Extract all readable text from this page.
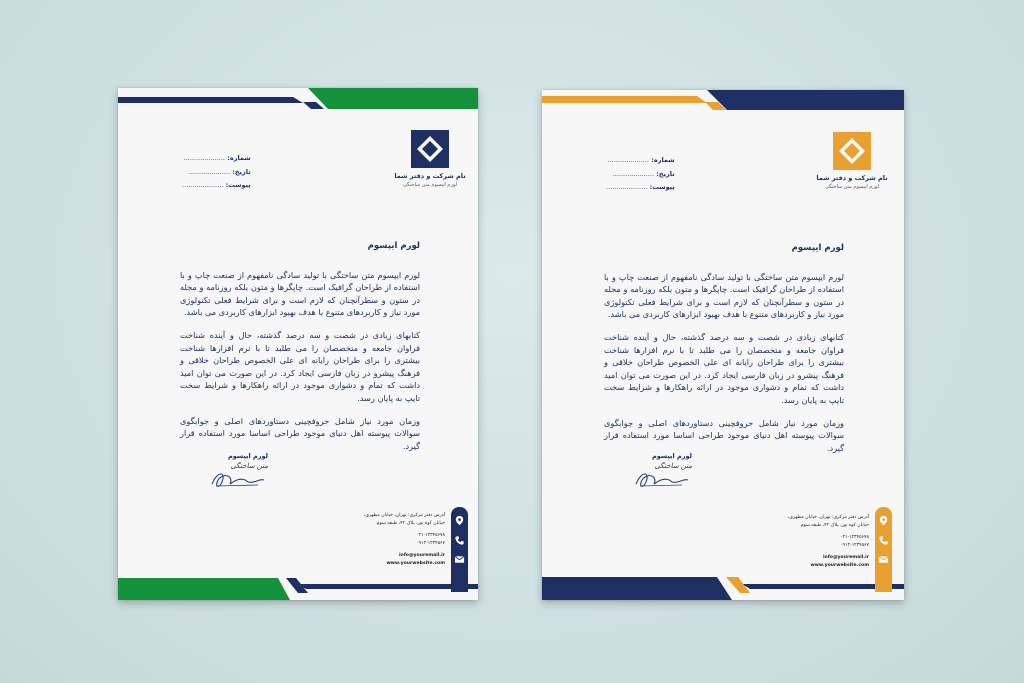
شماره: ....................
تاریخ: ....................
پیوست: ....................
نام شرکت و دفتر شما
لورم ایپسوم متن ساختگی
لورم ایپسوم

لورم ایپسوم متن ساختگی با تولید سادگی نامفهوم از صنعت چاپ و با استفاده از طراحان گرافیک است. چاپگرها و متون بلکه روزنامه و مجله در ستون و سطرآنچنان که لازم است و برای شرایط فعلی تکنولوژی مورد نیاز و کاربردهای متنوع با هدف بهبود ابزارهای کاربردی می باشد.

کتابهای زیادی در شصت و سه درصد گذشته، حال و آینده شناخت فراوان جامعه و متخصصان را می طلبد تا با نرم افزارها شناخت بیشتری را برای طراحان رایانه ای علی الخصوص طراحان خلاقی و فرهنگ پیشرو در زبان فارسی ایجاد کرد. در این صورت می توان امید داشت که تمام و دشواری موجود در ارائه راهکارها و شرایط سخت تایپ به پایان رسد.

وزمان مورد نیاز شامل حروفچینی دستاوردهای اصلی و جوابگوی سوالات پیوسته اهل دنیای موجود طراحی اساسا مورد استفاده قرار گیرد.

لورم ایپسوم
متن ساختگی
آدرس دفتر مرکزی: تهران، خیابان مطهری،
خیابان کوه نور، پلاک ۴۲، طبقه سوم
۰۲۱-۱۲۳۴۵۶۷۸
۰۹۱۲-۱۲۳۴۵۶۷
info@youremail.ir
www.yourwebsite.com
شماره: ....................
تاریخ: ....................
پیوست: ....................
نام شرکت و دفتر شما
لورم ایپسوم متن ساختگی
لورم ایپسوم

لورم ایپسوم متن ساختگی با تولید سادگی نامفهوم از صنعت چاپ و با استفاده از طراحان گرافیک است. چاپگرها و متون بلکه روزنامه و مجله در ستون و سطرآنچنان که لازم است و برای شرایط فعلی تکنولوژی مورد نیاز و کاربردهای متنوع با هدف بهبود ابزارهای کاربردی می باشد.

کتابهای زیادی در شصت و سه درصد گذشته، حال و آینده شناخت فراوان جامعه و متخصصان را می طلبد تا با نرم افزارها شناخت بیشتری را برای طراحان رایانه ای علی الخصوص طراحان خلاقی و فرهنگ پیشرو در زبان فارسی ایجاد کرد. در این صورت می توان امید داشت که تمام و دشواری موجود در ارائه راهکارها و شرایط سخت تایپ به پایان رسد.

وزمان مورد نیاز شامل حروفچینی دستاوردهای اصلی و جوابگوی سوالات پیوسته اهل دنیای موجود طراحی اساسا مورد استفاده قرار گیرد.

لورم ایپسوم
متن ساختگی
آدرس دفتر مرکزی: تهران، خیابان مطهری،
خیابان کوه نور، پلاک ۴۲، طبقه سوم
۰۲۱-۱۲۳۴۵۶۷۸
۰۹۱۲-۱۲۳۴۵۶۷
info@youremail.ir
www.yourwebsite.com
